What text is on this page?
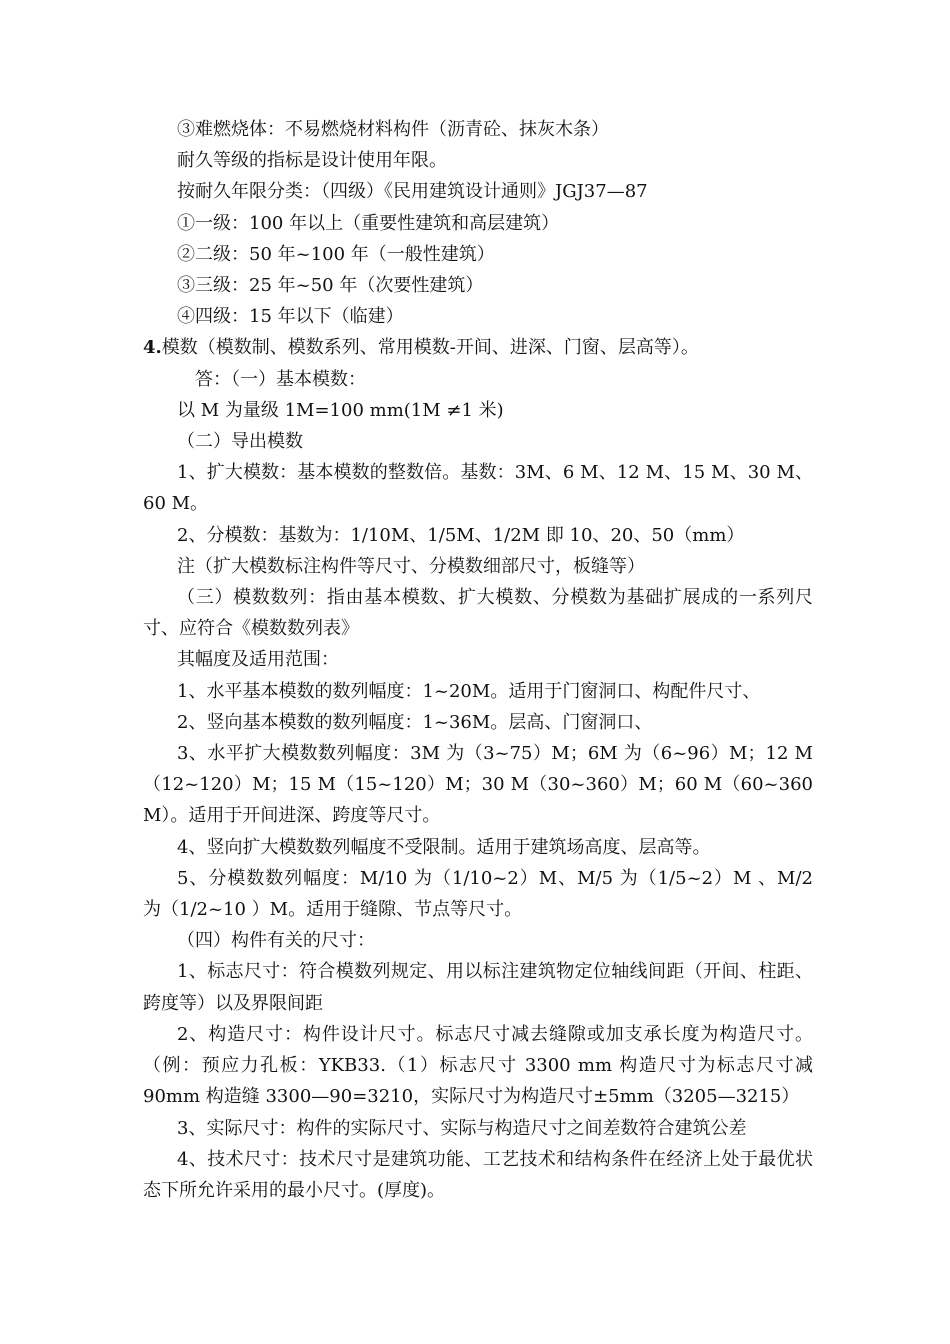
③难燃烧体：不易燃烧材料构件（沥青砼、抹灰木条）

耐久等级的指标是设计使用年限。

按耐久年限分类：（四级）《民用建筑设计通则》JGJ37—87

①一级：100 年以上（重要性建筑和高层建筑）

②二级：50 年~100 年（一般性建筑）

③三级：25 年~50 年（次要性建筑）

④四级：15 年以下（临建）

4.模数（模数制、模数系列、常用模数-开间、进深、门窗、层高等）。

答：（一）基本模数：

以 M 为量级 1M=100 mm(1M ≠1 米)

（二）导出模数

1、扩大模数：基本模数的整数倍。基数：3M、6 M、12 M、15 M、30 M、60 M。

2、分模数：基数为：1/10M、1/5M、1/2M 即 10、20、50（mm）

注（扩大模数标注构件等尺寸、分模数细部尺寸，板缝等）

（三）模数数列：指由基本模数、扩大模数、分模数为基础扩展成的一系列尺寸、应符合《模数数列表》

其幅度及适用范围：

1、水平基本模数的数列幅度：1~20M。适用于门窗洞口、构配件尺寸、

2、竖向基本模数的数列幅度：1~36M。层高、门窗洞口、

3、水平扩大模数数列幅度：3M 为（3~75）M；6M 为（6~96）M；12 M（12~120）M；15 M（15~120）M；30 M（30~360）M；60 M（60~360 M）。适用于开间进深、跨度等尺寸。

4、竖向扩大模数数列幅度不受限制。适用于建筑场高度、层高等。

5、分模数数列幅度：M/10 为（1/10~2）M、M/5 为（1/5~2）M 、M/2 为（1/2~10 ）M。适用于缝隙、节点等尺寸。

（四）构件有关的尺寸：

1、标志尺寸：符合模数列规定、用以标注建筑物定位轴线间距（开间、柱距、跨度等）以及界限间距

2、构造尺寸：构件设计尺寸。标志尺寸减去缝隙或加支承长度为构造尺寸。（例：预应力孔板：YKB33.（1）标志尺寸 3300 mm 构造尺寸为标志尺寸减 90mm 构造缝 3300—90=3210，实际尺寸为构造尺寸±5mm（3205—3215）

3、实际尺寸：构件的实际尺寸、实际与构造尺寸之间差数符合建筑公差

4、技术尺寸：技术尺寸是建筑功能、工艺技术和结构条件在经济上处于最优状态下所允许采用的最小尺寸。(厚度)。
